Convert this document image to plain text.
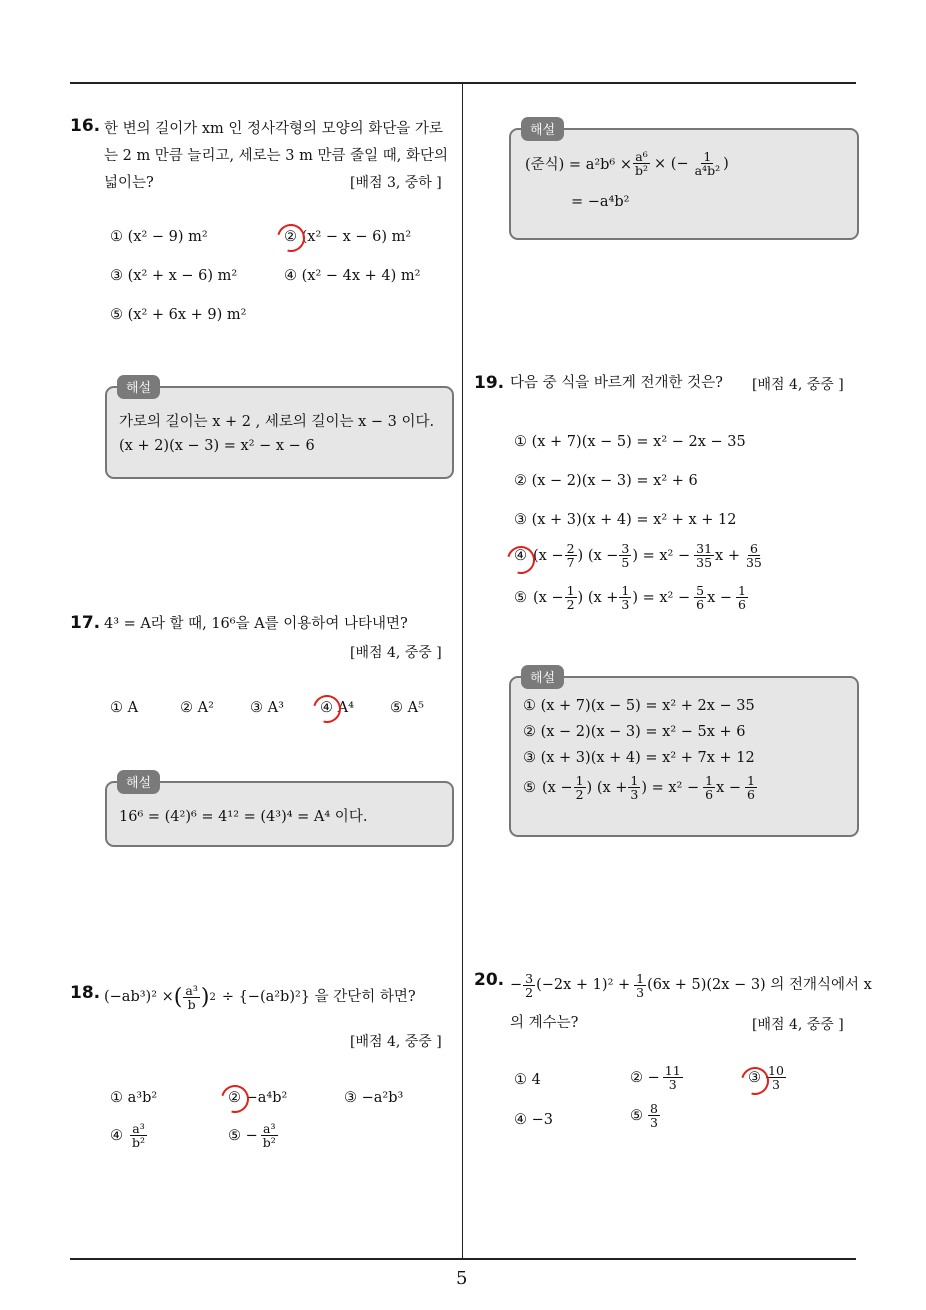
16. 한 변의 길이가 xm 인 정사각형의 모양의 화단을 가로
는 2 m 만큼 늘리고, 세로는 3 m 만큼 줄일 때, 화단의
넓이는?	[배점 3, 중하 ]
① (x² − 9) m²	② (x² − x − 6) m²
③ (x² + x − 6) m²	④ (x² − 4x + 4) m²
⑤ (x² + 6x + 9) m²
해설
가로의 길이는 x + 2 , 세로의 길이는 x − 3 이다.
(x + 2)(x − 3) = x² − x − 6
17. 4³ = A라 할 때, 16⁶을 A를 이용하여 나타내면?
[배점 4, 중중 ]
① A	② A² ③ A³ ④ A⁴ ⑤ A⁵
해설
16⁶ = (4²)⁶ = 4¹² = (4³)⁴ = A⁴ 이다.
18. (−ab³)² × ( $\frac{\text{a³}}{b}$ ) 2 ÷ {−(a²b)²} 을 간단히 하면?
[배점 4, 중중 ]
① a³b²	② −a⁴b²	③ −a²b³
④ $\frac{\text{a³}}{\text{b²}}$	⑤ − $\frac{\text{a³}}{\text{b²}}$
해설
(준식) = $a^2b^6 \times \frac{\text{a⁶}}{\text{b²}}$ × (− $\frac{1}{\text{a⁴b²}}$ )
= −a⁴b²
19. 다음 중 식을 바르게 전개한 것은? [배점 4, 중중 ]
① (x + 7)(x − 5) = x² − 2x − 35
② (x − 2)(x − 3) = x² + 6
③ (x + 3)(x + 4) = x² + x + 12
④ ($x - \frac{2}{7}$ ) ($x - \frac{3}{5}$ ) = $x^2 - \frac{31}{35}$ $x + \frac{6}{35}$
⑤ ($x - \frac{1}{2}$ ) ($x + \frac{1}{3}$ ) = $x^2 - \frac{5}{6}$ $x - \frac{1}{6}$
해설
① (x + 7)(x − 5) = x² + 2x − 35
② (x − 2)(x − 3) = x² − 5x + 6
③ (x + 3)(x + 4) = x² + 7x + 12
⑤ ($x - \frac{1}{2}$ ) ($x + \frac{1}{3}$ ) = $x^2 - \frac{1}{6}$ $x - \frac{1}{6}$
20. − $\frac{3}{2} (-2x + 1)^2 + \frac{1}{3} (6x + 5)(2x - 3)$ 의 전개식에서 x
의 계수는?	[배점 4, 중중 ]
① 4	② − $\frac{11}{3}$	③ $\frac{10}{3}$
④ −3	⑤ $\frac{8}{3}$
5
